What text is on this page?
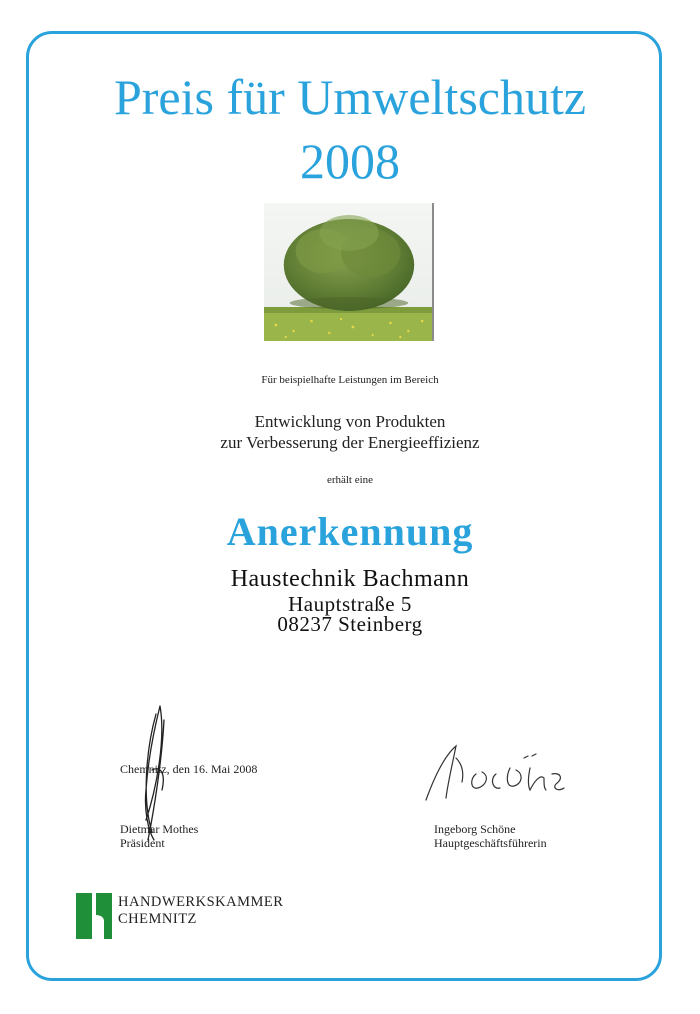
Preis für Umweltschutz
2008
Für beispielhafte Leistungen im Bereich
Entwicklung von Produkten
zur Verbesserung der Energieeffizienz
erhält eine
Anerkennung
Haustechnik Bachmann
Hauptstraße 5
08237 Steinberg
Chemnitz, den 16. Mai 2008
Dietmar Mothes
Präsident
Ingeborg Schöne
Hauptgeschäftsführerin
HANDWERKSKAMMER
CHEMNITZ
